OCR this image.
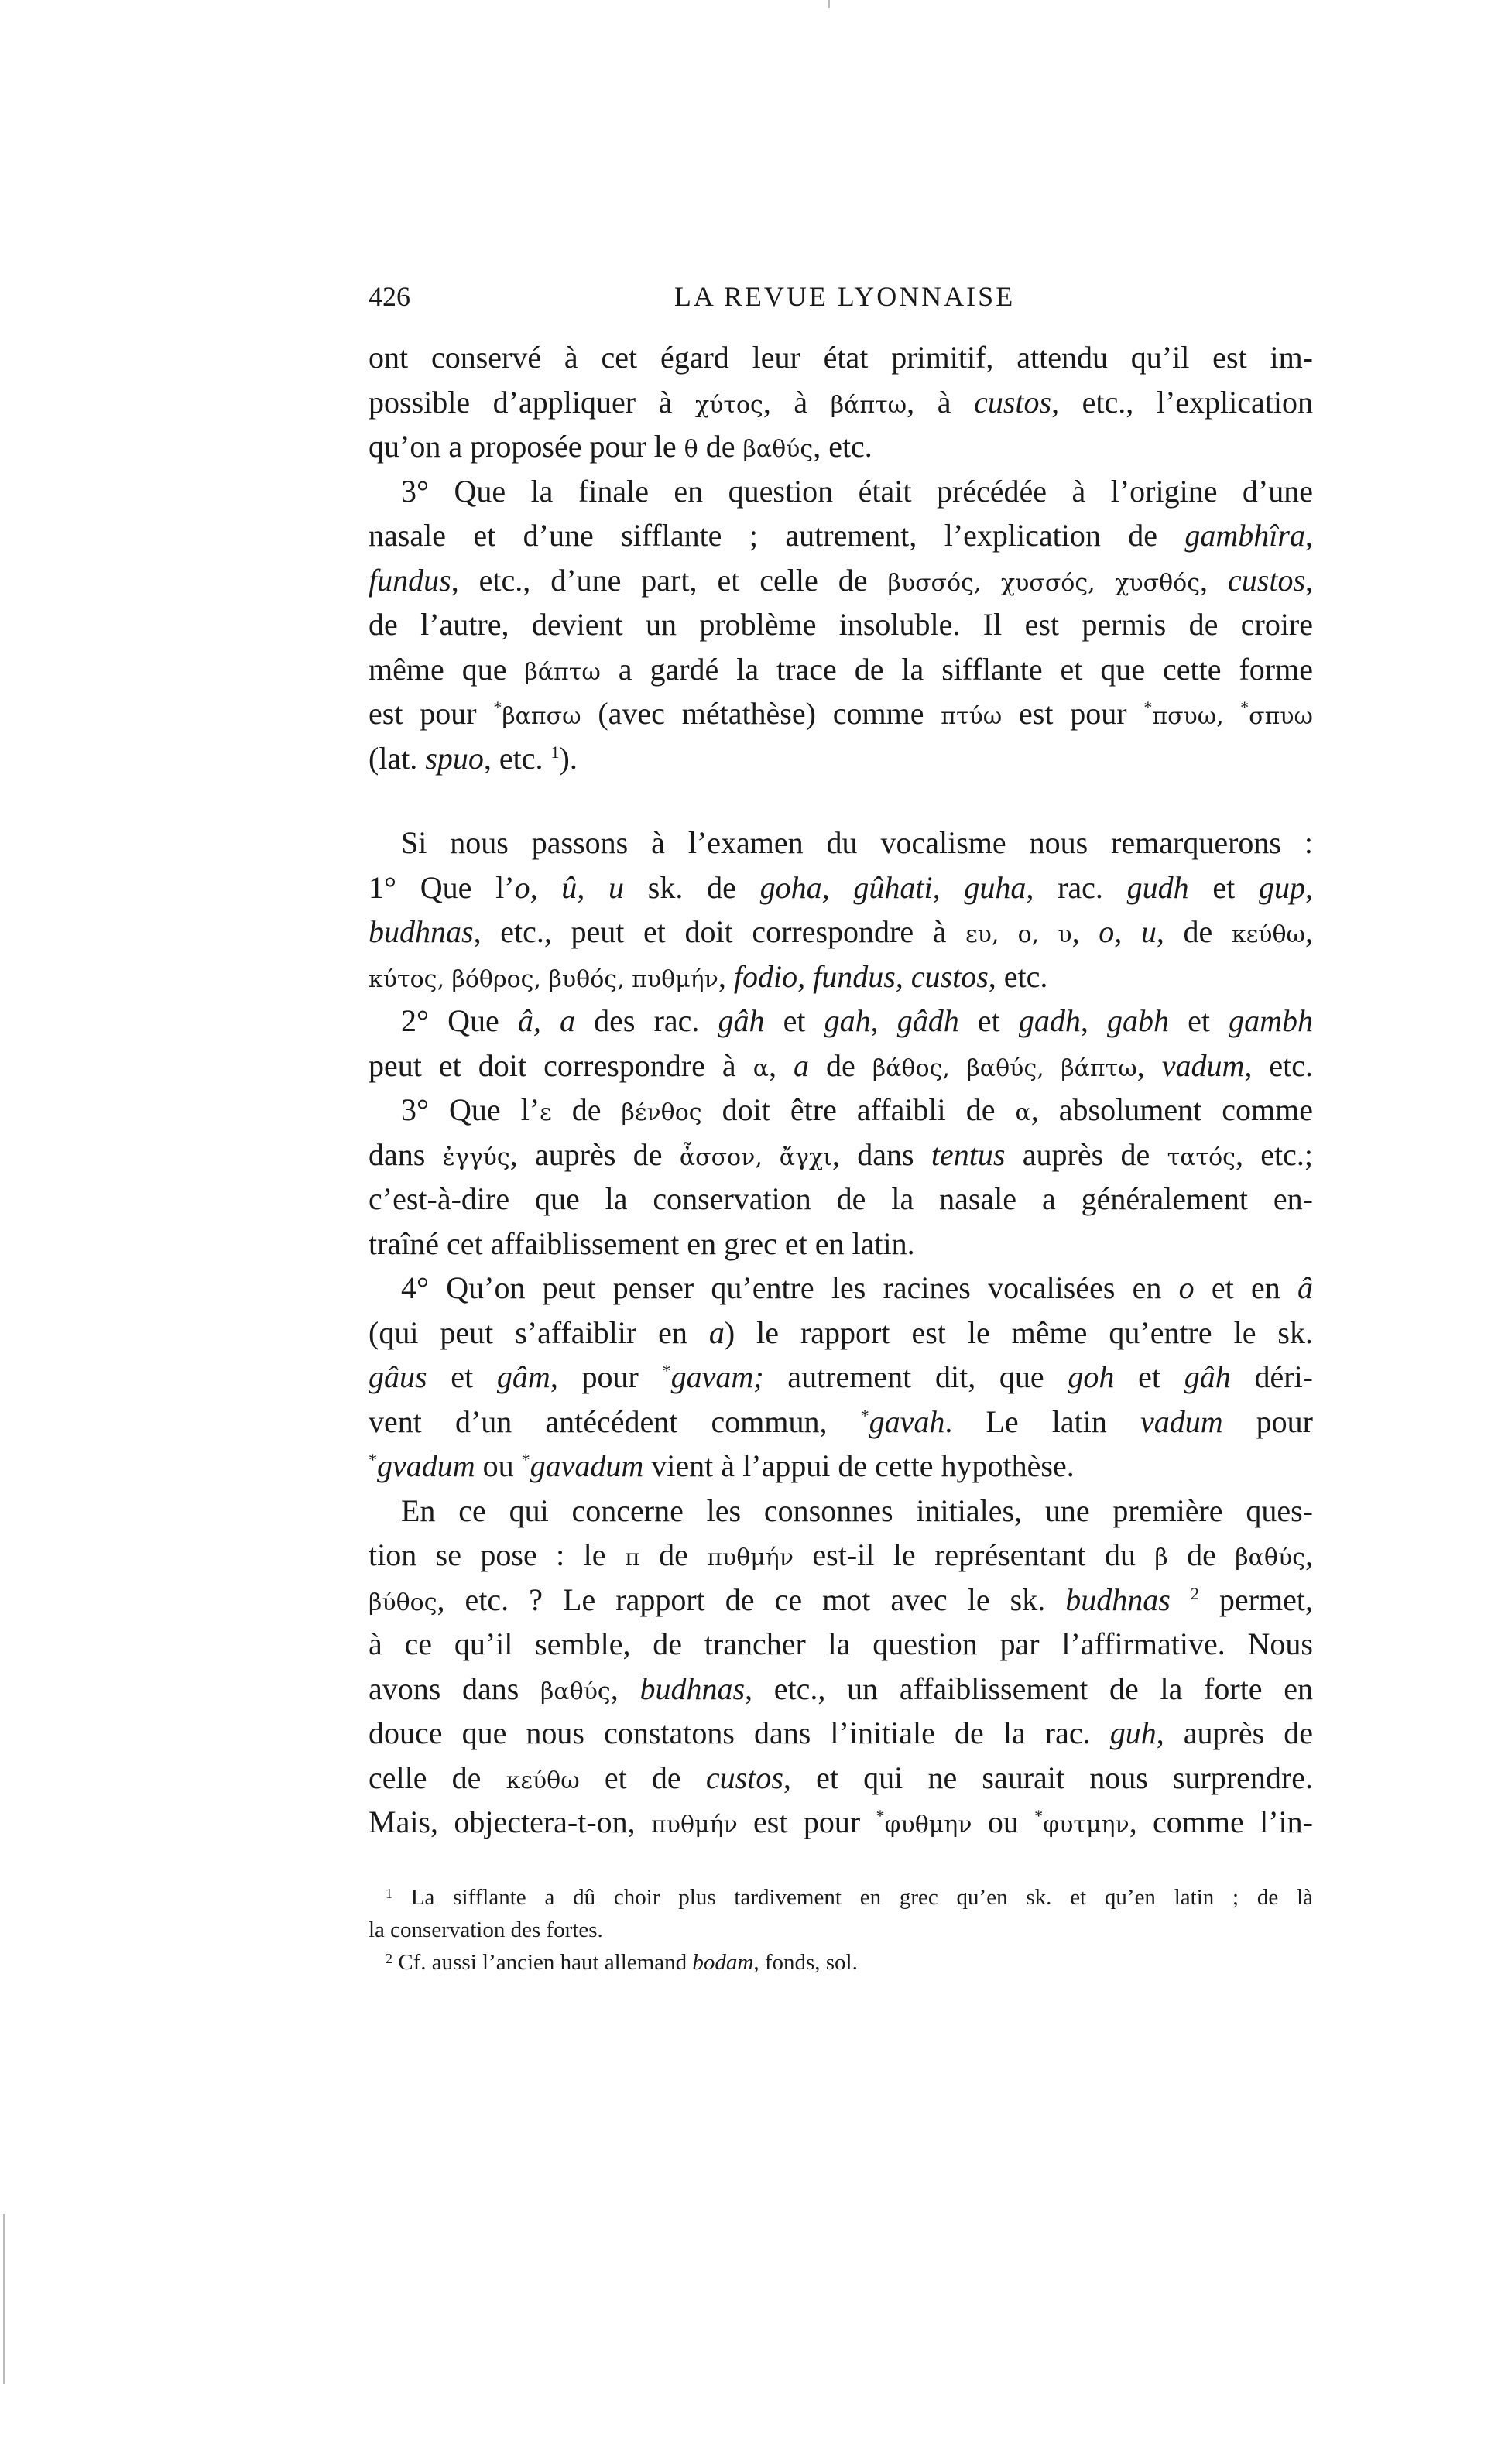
426	LA REVUE LYONNAISE
ont conservé à cet égard leur état primitif, attendu qu’il est im-
possible d’appliquer à χύτος, à βάπτω, à custos, etc., l’explication
qu’on a proposée pour le θ de βαθύς, etc.
3° Que la finale en question était précédée à l’origine d’une
nasale et d’une sifflante ; autrement, l’explication de gambhîra,
fundus, etc., d’une part, et celle de βυσσός, χυσσός, χυσθός, custos,
de l’autre, devient un problème insoluble. Il est permis de croire
même que βάπτω a gardé la trace de la sifflante et que cette forme
est pour *βαπσω (avec métathèse) comme πτύω est pour *πσυω, *σπυω
(lat. spuo, etc. $^1$).
Si nous passons à l’examen du vocalisme nous remarquerons :
1° Que l’o, û, u sk. de goha, gûhati, guha, rac. gudh et gup,
budhnas, etc., peut et doit correspondre à ευ, ο, υ, o, u, de κεύθω,
κύτος, βόθρος, βυθός, πυθμήν, fodio, fundus, custos, etc.
2° Que â, a des rac. gâh et gah, gâdh et gadh, gabh et gambh
peut et doit correspondre à α, a de βάθος, βαθύς, βάπτω, vadum, etc.
3° Que l’ε de βένθος doit être affaibli de α, absolument comme
dans ἐγγύς, auprès de ἆσσον, ἄγχι, dans tentus auprès de τατός, etc.;
c’est-à-dire que la conservation de la nasale a généralement en-
traîné cet affaiblissement en grec et en latin.
4° Qu’on peut penser qu’entre les racines vocalisées en o et en â
(qui peut s’affaiblir en a) le rapport est le même qu’entre le sk.
gâus et gâm, pour *gavam; autrement dit, que goh et gâh déri-
vent d’un antécédent commun, *gavah. Le latin vadum pour
*gvadum ou *gavadum vient à l’appui de cette hypothèse.
En ce qui concerne les consonnes initiales, une première ques-
tion se pose : le π de πυθμήν est-il le représentant du β de βαθύς,
βύθος, etc. ? Le rapport de ce mot avec le sk. budhnas $^2$ permet,
à ce qu’il semble, de trancher la question par l’affirmative. Nous
avons dans βαθύς, budhnas, etc., un affaiblissement de la forte en
douce que nous constatons dans l’initiale de la rac. guh, auprès de
celle de κεύθω et de custos, et qui ne saurait nous surprendre.
Mais, objectera-t-on, πυθμήν est pour *φυθμην ou *φυτμην, comme l’in-
$^1$ La sifflante a dû choir plus tardivement en grec qu’en sk. et qu’en latin ; de là
la conservation des fortes.
$^2$ Cf. aussi l’ancien haut allemand bodam, fonds, sol.
